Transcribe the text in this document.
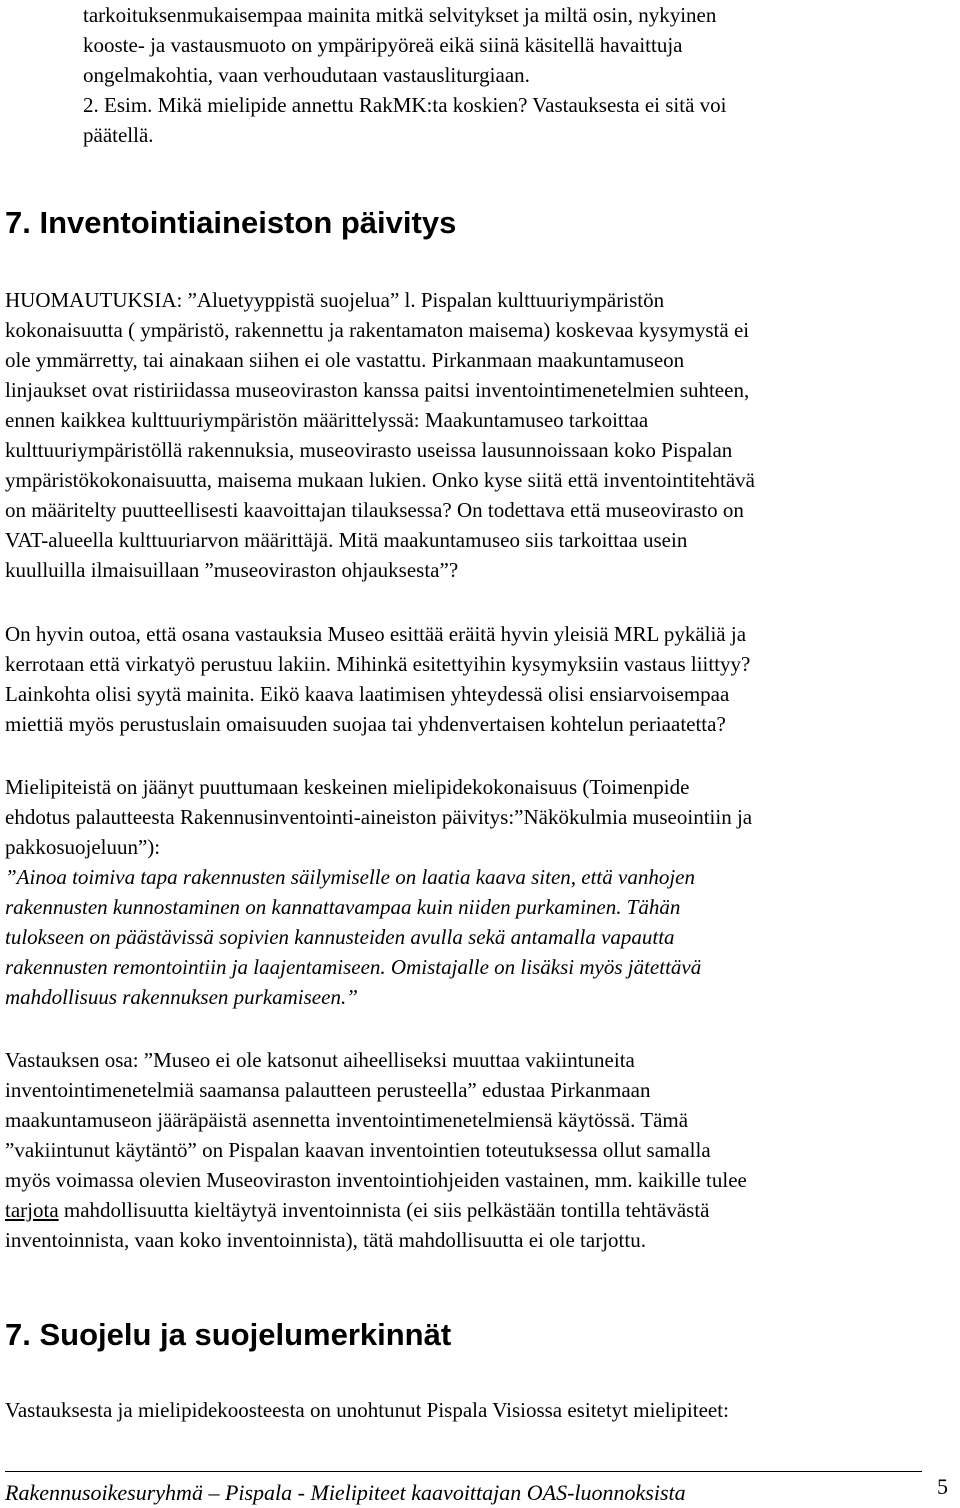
tarkoituksenmukaisempaa mainita mitkä selvitykset ja miltä osin, nykyinen
kooste- ja vastausmuoto on ympäripyöreä eikä siinä käsitellä havaittuja
ongelmakohtia, vaan verhoudutaan vastausliturgiaan.
2. Esim. Mikä mielipide annettu RakMK:ta koskien? Vastauksesta ei sitä voi
päätellä.
7. Inventointiaineiston päivitys
HUOMAUTUKSIA: ”Aluetyyppistä suojelua” l. Pispalan kulttuuriympäristön
kokonaisuutta ( ympäristö, rakennettu ja rakentamaton maisema) koskevaa kysymystä ei
ole ymmärretty, tai ainakaan siihen ei ole vastattu. Pirkanmaan maakuntamuseon
linjaukset ovat ristiriidassa museoviraston kanssa paitsi inventointimenetelmien suhteen,
ennen kaikkea kulttuuriympäristön määrittelyssä: Maakuntamuseo tarkoittaa
kulttuuriympäristöllä rakennuksia, museovirasto useissa lausunnoissaan koko Pispalan
ympäristökokonaisuutta, maisema mukaan lukien. Onko kyse siitä että inventointitehtävä
on määritelty puutteellisesti kaavoittajan tilauksessa? On todettava että museovirasto on
VAT-alueella kulttuuriarvon määrittäjä. Mitä maakuntamuseo siis tarkoittaa usein
kuulluilla ilmaisuillaan ”museoviraston ohjauksesta”?
On hyvin outoa, että osana vastauksia Museo esittää eräitä hyvin yleisiä MRL pykäliä ja
kerrotaan että virkatyö perustuu lakiin. Mihinkä esitettyihin kysymyksiin vastaus liittyy?
Lainkohta olisi syytä mainita. Eikö kaava laatimisen yhteydessä olisi ensiarvoisempaa
miettiä myös perustuslain omaisuuden suojaa tai yhdenvertaisen kohtelun periaatetta?
Mielipiteistä on jäänyt puuttumaan keskeinen mielipidekokonaisuus (Toimenpide
ehdotus palautteesta Rakennusinventointi-aineiston päivitys:”Näkökulmia museointiin ja
pakkosuojeluun”):
”Ainoa toimiva tapa rakennusten säilymiselle on laatia kaava siten, että vanhojen
rakennusten kunnostaminen on kannattavampaa kuin niiden purkaminen. Tähän
tulokseen on päästävissä sopivien kannusteiden avulla sekä antamalla vapautta
rakennusten remontointiin ja laajentamiseen. Omistajalle on lisäksi myös jätettävä
mahdollisuus rakennuksen purkamiseen.”
Vastauksen osa: ”Museo ei ole katsonut aiheelliseksi muuttaa vakiintuneita
inventointimenetelmiä saamansa palautteen perusteella” edustaa Pirkanmaan
maakuntamuseon jääräpäistä asennetta inventointimenetelmiensä käytössä. Tämä
”vakiintunut käytäntö” on Pispalan kaavan inventointien toteutuksessa ollut samalla
myös voimassa olevien Museoviraston inventointiohjeiden vastainen, mm. kaikille tulee
tarjota mahdollisuutta kieltäytyä inventoinnista (ei siis pelkästään tontilla tehtävästä
inventoinnista, vaan koko inventoinnista), tätä mahdollisuutta ei ole tarjottu.
7. Suojelu ja suojelumerkinnät
Vastauksesta ja mielipidekoosteesta on unohtunut Pispala Visiossa esitetyt mielipiteet:
Rakennusoikesuryhmä – Pispala - Mielipiteet kaavoittajan OAS-luonnoksista	5
